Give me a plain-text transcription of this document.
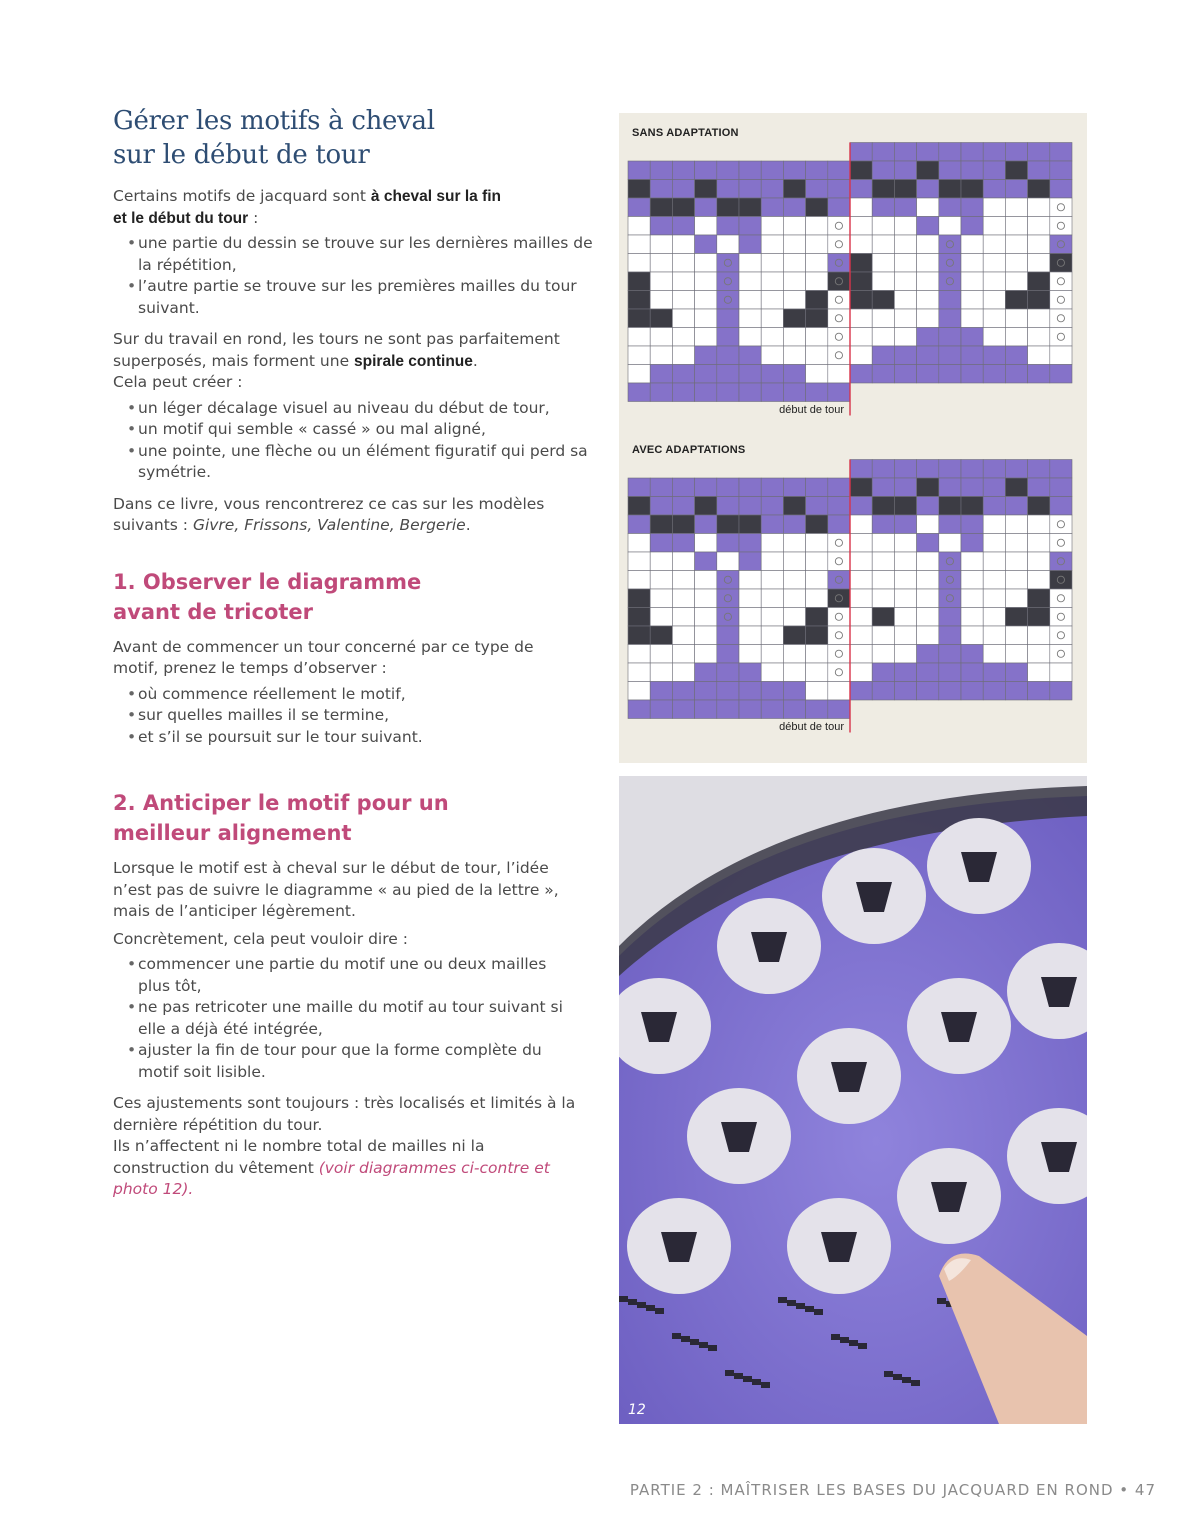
Gérer les motifs à cheval
sur le début de tour

Certains motifs de jacquard sont à cheval sur la fin
et le début du tour :

• une partie du dessin se trouve sur les dernières mailles de la répétition,
• l’autre partie se trouve sur les premières mailles du tour suivant.

Sur du travail en rond, les tours ne sont pas parfaitement superposés, mais forment une spirale continue.
Cela peut créer :

• un léger décalage visuel au niveau du début de tour,
• un motif qui semble « cassé » ou mal aligné,
• une pointe, une flèche ou un élément figuratif qui perd sa symétrie.

Dans ce livre, vous rencontrerez ce cas sur les modèles suivants : Givre, Frissons, Valentine, Bergerie.

1. Observer le diagramme avant de tricoter

Avant de commencer un tour concerné par ce type de motif, prenez le temps d’observer :

• où commence réellement le motif,
• sur quelles mailles il se termine,
• et s’il se poursuit sur le tour suivant.
2. Anticiper le motif pour un meilleur alignement

Lorsque le motif est à cheval sur le début de tour, l’idée n’est pas de suivre le diagramme « au pied de la lettre », mais de l’anticiper légèrement.

Concrètement, cela peut vouloir dire :

• commencer une partie du motif une ou deux mailles plus tôt,
• ne pas retricoter une maille du motif au tour suivant si elle a déjà été intégrée,
• ajuster la fin de tour pour que la forme complète du motif soit lisible.

Ces ajustements sont toujours : très localisés et limités à la dernière répétition du tour.
Ils n’affectent ni le nombre total de mailles ni la construction du vêtement (voir diagrammes ci-contre et photo 12).

SANS ADAPTATION
AVEC ADAPTATIONS
début de tour
début de tour
12
PARTIE 2 : MAÎTRISER LES BASES DU JACQUARD EN ROND • 47
